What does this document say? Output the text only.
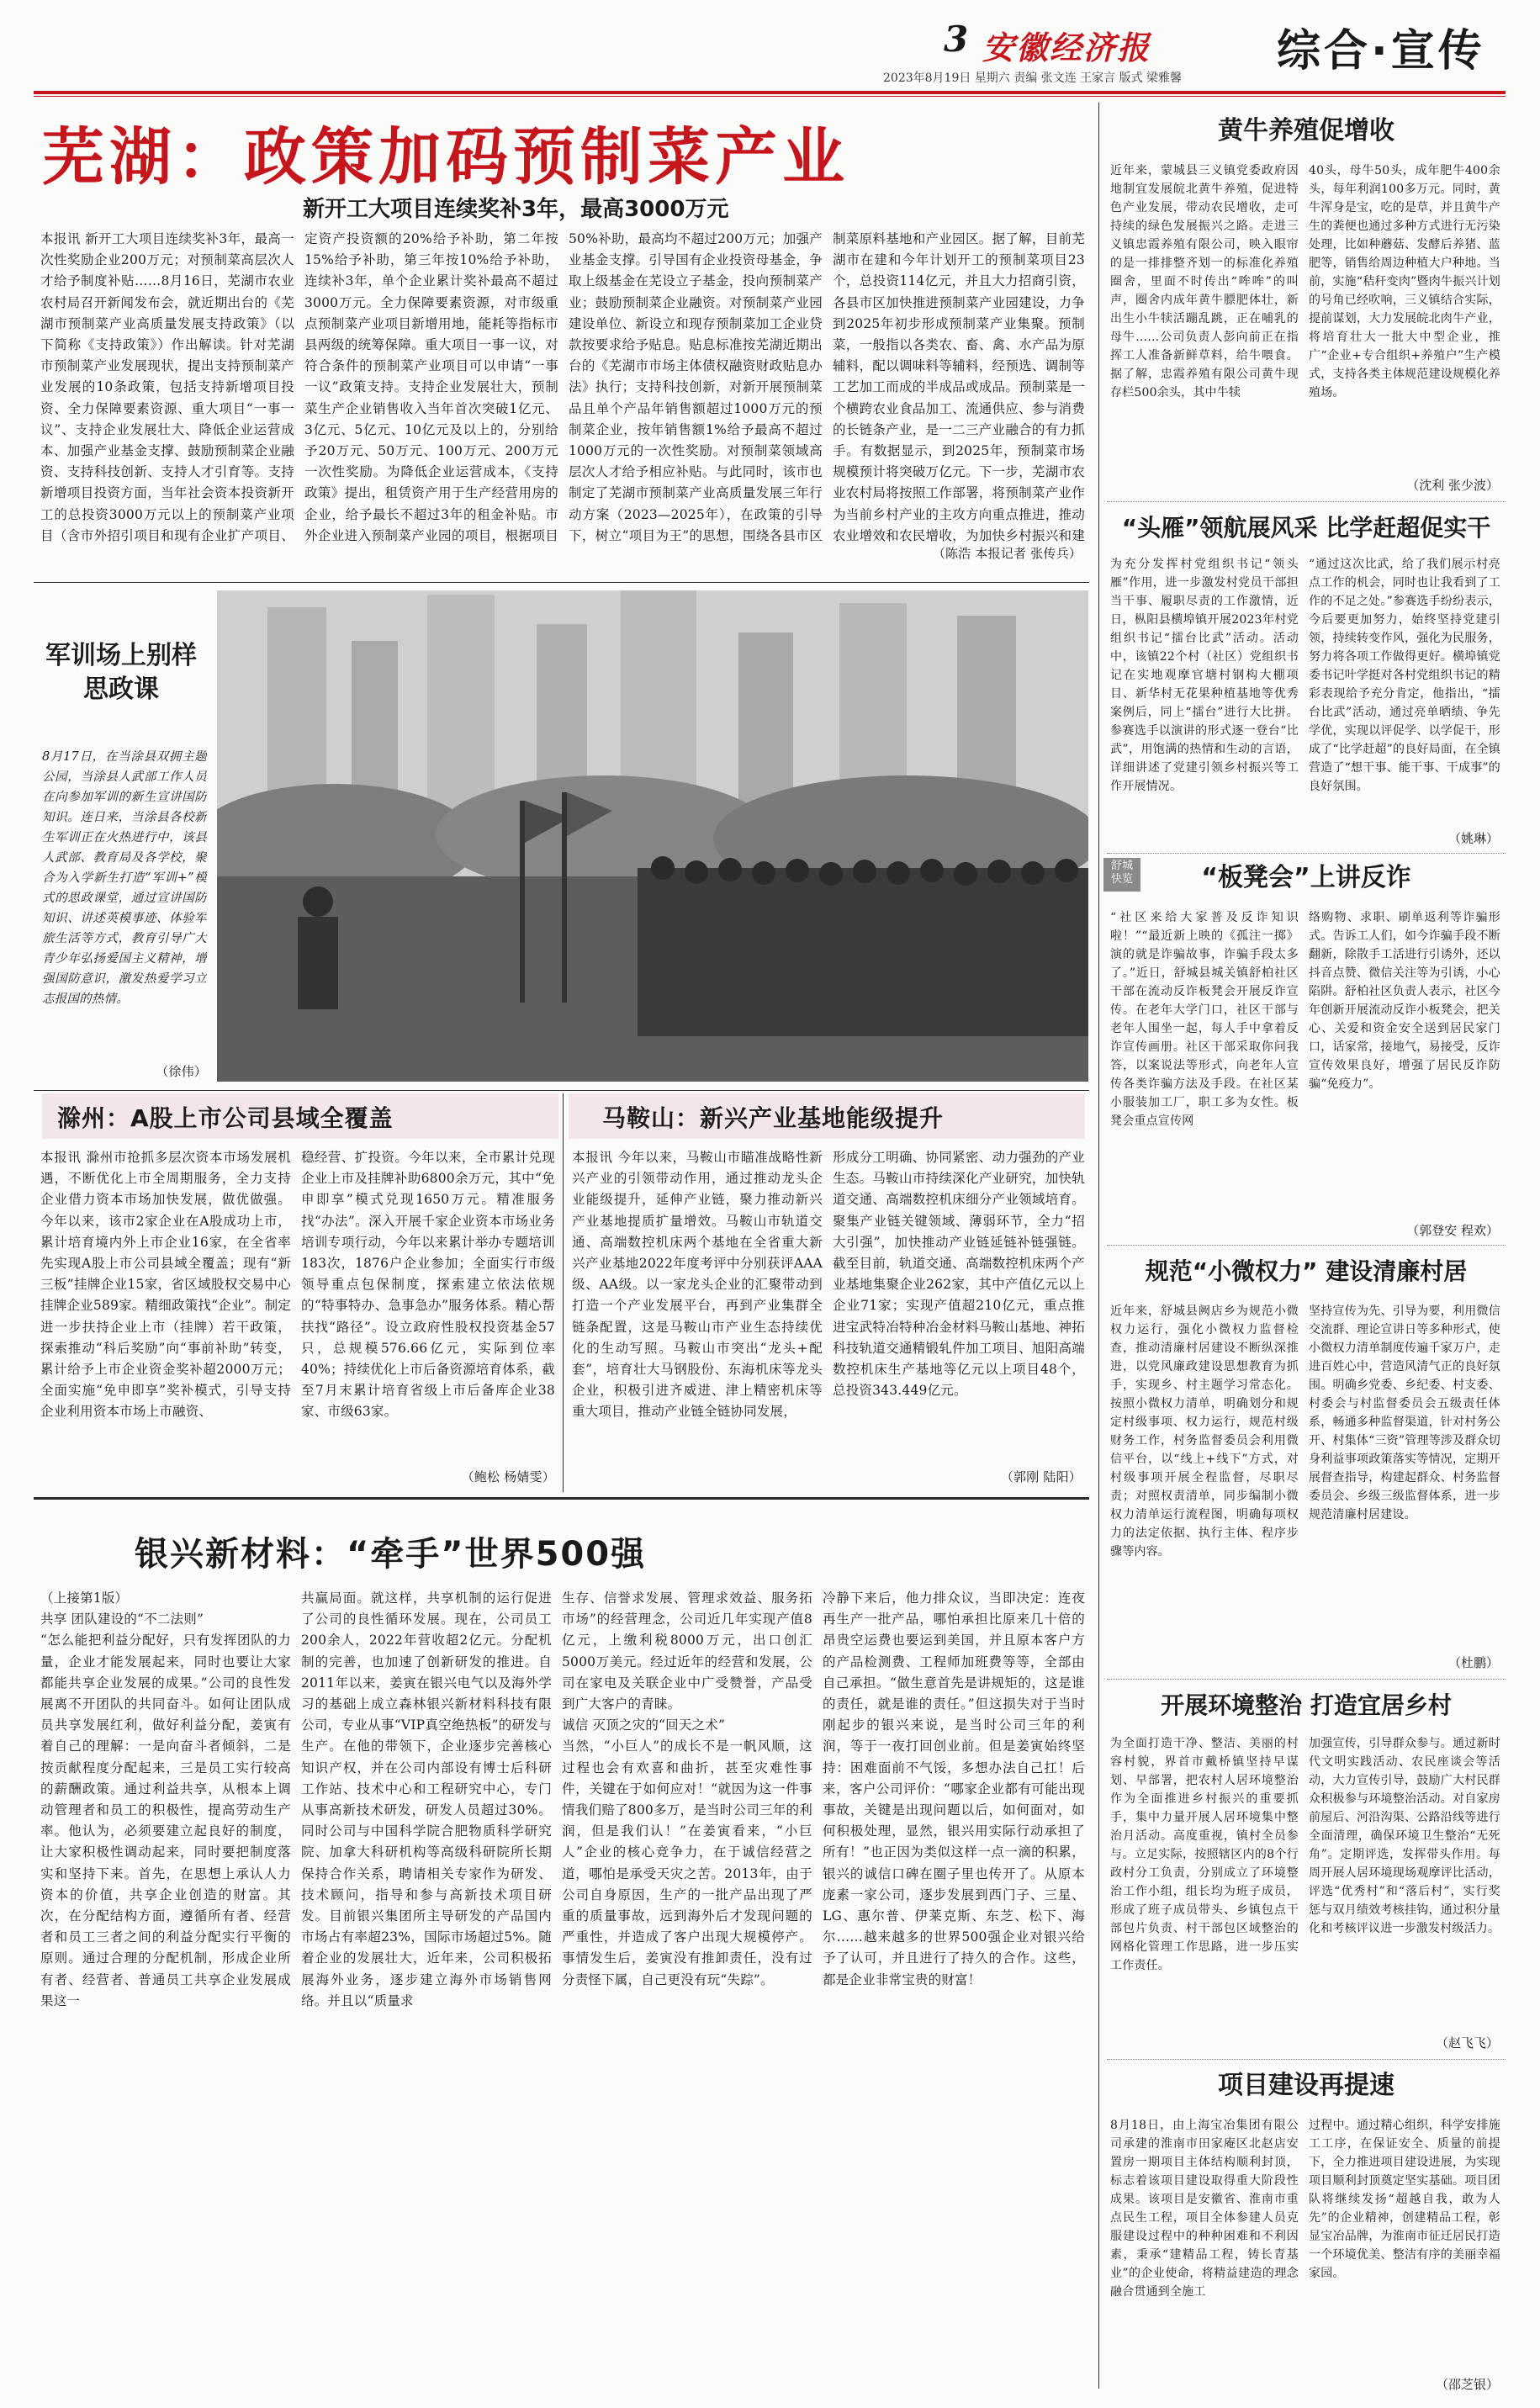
3 安徽经济报	综合·宣传
2023年8月19日 星期六 责编 张文连 王家言 版式 梁雅馨
芜湖：政策加码预制菜产业
新开工大项目连续奖补3年，最高3000万元
本报讯 新开工大项目连续奖补3年，最高一次性奖励企业200万元；对预制菜高层次人才给予制度补贴……8月16日，芜湖市农业农村局召开新闻发布会，就近期出台的《芜湖市预制菜产业高质量发展支持政策》（以下简称《支持政策》）作出解读。针对芜湖市预制菜产业发展现状，提出支持预制菜产业发展的10条政策，包括支持新增项目投资、全力保障要素资源、重大项目“一事一议”、支持企业发展壮大、降低企业运营成本、加强产业基金支撑、鼓励预制菜企业融资、支持科技创新、支持人才引育等。支持新增项目投资方面，当年社会资本投资新开工的总投资3000万元以上的预制菜产业项目（含市外招引项目和现有企业扩产项目、
定资产投资额的20%给予补助，第二年按15%给予补助，第三年按10%给予补助，连续补3年，单个企业累计奖补最高不超过3000万元。全力保障要素资源，对市级重点预制菜产业项目新增用地，能耗等指标市县两级的统筹保障。重大项目一事一议，对符合条件的预制菜产业项目可以申请“一事一议”政策支持。支持企业发展壮大，预制菜生产企业销售收入当年首次突破1亿元、3亿元、5亿元、10亿元及以上的，分别给予20万元、50万元、100万元、200万元一次性奖励。为降低企业运营成本，《支持政策》提出，租赁资产用于生产经营用房的企业，给予最长不超过3年的租金补贴。市外企业进入预制菜产业园的项目，根据项目
50%补助，最高均不超过200万元；加强产业基金支撑。引导国有企业投资母基金，争取上级基金在芜设立子基金，投向预制菜产业；鼓励预制菜企业融资。对预制菜产业园建设单位、新设立和现存预制菜加工企业贷款按要求给予贴息。贴息标准按芜湖近期出台的《芜湖市市场主体债权融资财政贴息办法》执行；支持科技创新，对新开展预制菜品且单个产品年销售额超过1000万元的预制菜企业，按年销售额1%给予最高不超过1000万元的一次性奖励。对预制菜领域高层次人才给予相应补贴。与此同时，该市也制定了芜湖市预制菜产业高质量发展三年行动方案（2023—2025年），在政策的引导下，树立“项目为王”的思想，围绕各县市区
制菜原料基地和产业园区。据了解，目前芜湖市在建和今年计划开工的预制菜项目23个，总投资114亿元，并且大力招商引资，各县市区加快推进预制菜产业园建设，力争到2025年初步形成预制菜产业集聚。预制菜，一般指以各类农、畜、禽、水产品为原辅料，配以调味料等辅料，经预选、调制等工艺加工而成的半成品或成品。预制菜是一个横跨农业食品加工、流通供应、参与消费的长链条产业，是一二三产业融合的有力抓手。有数据显示，到2025年，预制菜市场规模预计将突破万亿元。下一步，芜湖市农业农村局将按照工作部署，将预制菜产业作为当前乡村产业的主攻方向重点推进，推动农业增效和农民增收，为加快乡村振兴和建
（陈浩 本报记者 张传兵）
军训场上别样思政课
8月17日，在当涂县双拥主题公园，当涂县人武部工作人员在向参加军训的新生宣讲国防知识。连日来，当涂县各校新生军训正在火热进行中，该县人武部、教育局及各学校，聚合为入学新生打造“军训+”模式的思政课堂，通过宣讲国防知识、讲述英模事迹、体验军旅生活等方式，教育引导广大青少年弘扬爱国主义精神，增强国防意识，激发热爱学习立志报国的热情。
（徐伟）
滁州：A股上市公司县域全覆盖	马鞍山：新兴产业基地能级提升
本报讯 滁州市抢抓多层次资本市场发展机遇，不断优化上市全周期服务，全力支持企业借力资本市场加快发展，做优做强。今年以来，该市2家企业在A股成功上市，累计培育境内外上市企业16家，在全省率先实现A股上市公司县域全覆盖；现有“新三板”挂牌企业15家，省区域股权交易中心挂牌企业589家。精细政策找“企业”。制定进一步扶持企业上市（挂牌）若干政策，探索推动“科后奖励”向“事前补助”转变，累计给予上市企业资金奖补超2000万元；全面实施“免申即享”奖补模式，引导支持企业利用资本市场上市融资、
稳经营、扩投资。今年以来，全市累计兑现企业上市及挂牌补助6800余万元，其中“免申即享”模式兑现1650万元。精准服务找“办法”。深入开展千家企业资本市场业务培训专项行动，今年以来累计举办专题培训183次，1876户企业参加；全面实行市级领导重点包保制度，探索建立依法依规的“特事特办、急事急办”服务体系。精心帮扶找“路径”。设立政府性股权投资基金57只，总规模576.66亿元，实际到位率40%；持续优化上市后备资源培育体系，截至7月末累计培育省级上市后备库企业38家、市级63家。
（鲍松 杨婧雯）
本报讯 今年以来，马鞍山市瞄准战略性新兴产业的引领带动作用，通过推动龙头企业能级提升，延伸产业链，聚力推动新兴产业基地提质扩量增效。马鞍山市轨道交通、高端数控机床两个基地在全省重大新兴产业基地2022年度考评中分别获评AAA级、AA级。以一家龙头企业的汇聚带动到打造一个产业发展平台，再到产业集群全链条配置，这是马鞍山市产业生态持续优化的生动写照。马鞍山市突出“龙头+配套”，培育壮大马钢股份、东海机床等龙头企业，积极引进齐威进、津上精密机床等重大项目，推动产业链全链协同发展，
形成分工明确、协同紧密、动力强劲的产业生态。马鞍山市持续深化产业研究，加快轨道交通、高端数控机床细分产业领域培育。聚集产业链关键领域、薄弱环节，全力“招大引强”，加快推动产业链延链补链强链。截至目前，轨道交通、高端数控机床两个产业基地集聚企业262家，其中产值亿元以上企业71家；实现产值超210亿元，重点推进宝武特冶特种冶金材料马鞍山基地、神拓科技轨道交通精锻轧件加工项目、旭阳高端数控机床生产基地等亿元以上项目48个，总投资343.449亿元。
（郭刚 陆阳）
银兴新材料：“牵手”世界500强
（上接第1版）
共享 团队建设的“不二法则”
“怎么能把利益分配好，只有发挥团队的力量，企业才能发展起来，同时也要让大家都能共享企业发展的成果。”公司的良性发展离不开团队的共同奋斗。如何让团队成员共享发展红利，做好利益分配，姜寅有着自己的理解：一是向奋斗者倾斜，二是按贡献程度分配起来，三是员工实行较高的薪酬政策。通过利益共享，从根本上调动管理者和员工的积极性，提高劳动生产率。他认为，必须要建立起良好的制度，让大家积极性调动起来，同时要把制度落实和坚持下来。首先，在思想上承认人力资本的价值，共享企业创造的财富。其次，在分配结构方面，遵循所有者、经营者和员工三者之间的利益分配实行平衡的原则。通过合理的分配机制，形成企业所有者、经营者、普通员工共享企业发展成果这一
共赢局面。就这样，共享机制的运行促进了公司的良性循环发展。现在，公司员工200余人，2022年营收超2亿元。分配机制的完善，也加速了创新研发的推进。自2011年以来，姜寅在银兴电气以及海外学习的基础上成立森林银兴新材料科技有限公司，专业从事“VIP真空绝热板”的研发与生产。在他的带领下，企业逐步完善核心知识产权，并在公司内部设有博士后科研工作站、技术中心和工程研究中心，专门从事高新技术研发，研发人员超过30%。同时公司与中国科学院合肥物质科学研究院、加拿大科研机构等高级科研院所长期保持合作关系，聘请相关专家作为研发、技术顾问，指导和参与高新技术项目研发。目前银兴集团所主导研发的产品国内市场占有率超23%，国际市场超过5%。随着企业的发展壮大，近年来，公司积极拓展海外业务，逐步建立海外市场销售网络。并且以“质量求
生存、信誉求发展、管理求效益、服务拓市场”的经营理念，公司近几年实现产值8亿元，上缴利税8000万元，出口创汇5000万美元。经过近年的经营和发展，公司在家电及关联企业中广受赞誉，产品受到广大客户的青睐。
诚信 灭顶之灾的“回天之术”
当然，“小巨人”的成长不是一帆风顺，这过程也会有欢喜和曲折，甚至灾难性事件，关键在于如何应对！“就因为这一件事情我们赔了800多万，是当时公司三年的利润，但是我们认！”在姜寅看来，“小巨人”企业的核心竞争力，在于诚信经营之道，哪怕是承受天灾之苦。2013年，由于公司自身原因，生产的一批产品出现了严重的质量事故，远到海外后才发现问题的严重性，并造成了客户出现大规模停产。事情发生后，姜寅没有推卸责任，没有过分责怪下属，自己更没有玩“失踪”。
冷静下来后，他力排众议，当即决定：连夜再生产一批产品，哪怕承担比原来几十倍的昂贵空运费也要运到美国，并且原本客户方的产品检测费、工程师加班费等等，全部由自己承担。“做生意首先是讲规矩的，这是谁的责任，就是谁的责任。”但这损失对于当时刚起步的银兴来说，是当时公司三年的利润，等于一夜打回创业前。但是姜寅始终坚持：困难面前不气馁，多想办法自己扛！后来，客户公司评价：“哪家企业都有可能出现事故，关键是出现问题以后，如何面对，如何积极处理，显然，银兴用实际行动承担了所有！”也正因为类似这样一点一滴的积累，银兴的诚信口碑在圈子里也传开了。从原本庞素一家公司，逐步发展到西门子、三星、LG、惠尔普、伊莱克斯、东芝、松下、海尔……越来越多的世界500强企业对银兴给予了认可，并且进行了持久的合作。这些，都是企业非常宝贵的财富！
黄牛养殖促增收
近年来，蒙城县三义镇党委政府因地制宜发展皖北黄牛养殖，促进特色产业发展，带动农民增收，走可持续的绿色发展振兴之路。走进三义镇忠霞养殖有限公司，映入眼帘的是一排排整齐划一的标准化养殖圈舍，里面不时传出“哞哞”的叫声，圈舍内成年黄牛膘肥体壮，新出生小牛犊活蹦乱跳，正在哺乳的母牛……公司负责人彭向前正在指挥工人准备新鲜草料，给牛喂食。据了解，忠霞养殖有限公司黄牛现存栏500余头，其中牛犊
40头，母牛50头，成年肥牛400余头，每年利润100多万元。同时，黄牛浑身是宝，吃的是草，并且黄牛产生的粪便也通过多种方式进行无污染处理，比如种蘑菇、发酵后养猪、蓝肥等，销售给周边种植大户种地。当前，实施“秸秆变肉”暨肉牛振兴计划的号角已经吹响，三义镇结合实际，提前谋划，大力发展皖北肉牛产业，将培育壮大一批大中型企业，推广“企业+专合组织+养殖户”生产模式，支持各类主体规范建设规模化养殖场。
（沈利 张少波）
“头雁”领航展风采 比学赶超促实干
为充分发挥村党组织书记“领头雁”作用，进一步激发村党员干部担当干事、履职尽责的工作激情，近日，枞阳县横埠镇开展2023年村党组织书记“擂台比武”活动。活动中，该镇22个村（社区）党组织书记在实地观摩官塘村钢构大棚项目、新华村无花果种植基地等优秀案例后，同上“擂台”进行大比拼。参赛选手以演讲的形式逐一登台“比武”，用饱满的热情和生动的言语，详细讲述了党建引领乡村振兴等工作开展情况。
“通过这次比武，给了我们展示村亮点工作的机会，同时也让我看到了工作的不足之处。”参赛选手纷纷表示，今后要更加努力，始终坚持党建引领，持续转变作风，强化为民服务，努力将各项工作做得更好。横埠镇党委书记叶学挺对各村党组织书记的精彩表现给予充分肯定，他指出，“擂台比武”活动，通过亮单晒绩、争先学优，实现以评促学、以学促干，形成了“比学赶超”的良好局面，在全镇营造了“想干事、能干事、干成事”的良好氛围。
（姚琳）
舒城快览	“板凳会”上讲反诈
“社区来给大家普及反诈知识啦！”“最近新上映的《孤注一掷》演的就是诈骗故事，诈骗手段太多了。”近日，舒城县城关镇舒柏社区干部在流动反诈板凳会开展反诈宣传。在老年大学门口，社区干部与老年人围坐一起，每人手中拿着反诈宣传画册。社区干部采取你问我答，以案说法等形式，向老年人宣传各类诈骗方法及手段。在社区某小服装加工厂，职工多为女性。板凳会重点宣传网
络购物、求职、刷单返利等诈骗形式。告诉工人们，如今诈骗手段不断翻新，除散手工活进行引诱外，还以抖音点赞、微信关注等为引诱，小心陷阱。舒柏社区负责人表示，社区今年创新开展流动反诈小板凳会，把关心、关爱和资金安全送到居民家门口，话家常，接地气，易接受，反诈宣传效果良好，增强了居民反诈防骗“免疫力”。
（郭登安 程欢）
规范“小微权力” 建设清廉村居
近年来，舒城县阙店乡为规范小微权力运行，强化小微权力监督检查，推动清廉村居建设不断纵深推进，以党风廉政建设思想教育为抓手，实现乡、村主题学习常态化。按照小微权力清单，明确划分和规定村级事项、权力运行，规范村级财务工作，村务监督委员会利用微信平台，以“线上+线下”方式，对村级事项开展全程监督，尽职尽责；对照权责清单，同步编制小微权力清单运行流程图，明确每项权力的法定依据、执行主体、程序步骤等内容。
坚持宣传为先、引导为要，利用微信交流群、理论宣讲日等多种形式，使小微权力清单制度传遍千家万户，走进百姓心中，营造风清气正的良好氛围。明确乡党委、乡纪委、村支委、村委会与村监督委员会五级责任体系，畅通多种监督渠道，针对村务公开、村集体“三资”管理等涉及群众切身利益事项政策落实等情况，定期开展督查指导，构建起群众、村务监督委员会、乡级三级监督体系，进一步规范清廉村居建设。
（杜鹏）
开展环境整治 打造宜居乡村
为全面打造干净、整洁、美丽的村容村貌，界首市戴桥镇坚持早谋划、早部署，把农村人居环境整治作为全面推进乡村振兴的重要抓手，集中力量开展人居环境集中整治月活动。高度重视，镇村全员参与。立足实际，按照辖区内的8个行政村分工负责，分别成立了环境整治工作小组，组长均为班子成员，形成了班子成员带头、乡镇包点干部包片负责、村干部包区域整治的网格化管理工作思路，进一步压实工作责任。
加强宣传，引导群众参与。通过新时代文明实践活动、农民座谈会等活动，大力宣传引导，鼓励广大村民群众积极参与环境整治活动。对自家房前屋后、河沿沟渠、公路沿线等进行全面清理，确保环境卫生整治“无死角”。定期评选，发挥带头作用。每周开展人居环境现场观摩评比活动，评选“优秀村”和“落后村”，实行奖惩与双月绩效考核挂钩，通过积分量化和考核评议进一步激发村级活力。
（赵飞飞）
项目建设再提速
8月18日，由上海宝冶集团有限公司承建的淮南市田家庵区北赵店安置房一期项目主体结构顺利封顶，标志着该项目建设取得重大阶段性成果。该项目是安徽省、淮南市重点民生工程，项目全体参建人员克服建设过程中的种种困难和不利因素，秉承“建精品工程，铸长青基业”的企业使命，将精益建造的理念融合贯通到全施工
过程中。通过精心组织，科学安排施工工序，在保证安全、质量的前提下，全力推进项目建设进展，为实现项目顺利封顶奠定坚实基础。项目团队将继续发扬“超越自我，敢为人先”的企业精神，创建精品工程，彰显宝冶品牌，为淮南市征迁居民打造一个环境优美、整洁有序的美丽幸福家园。
（邵芝银）
